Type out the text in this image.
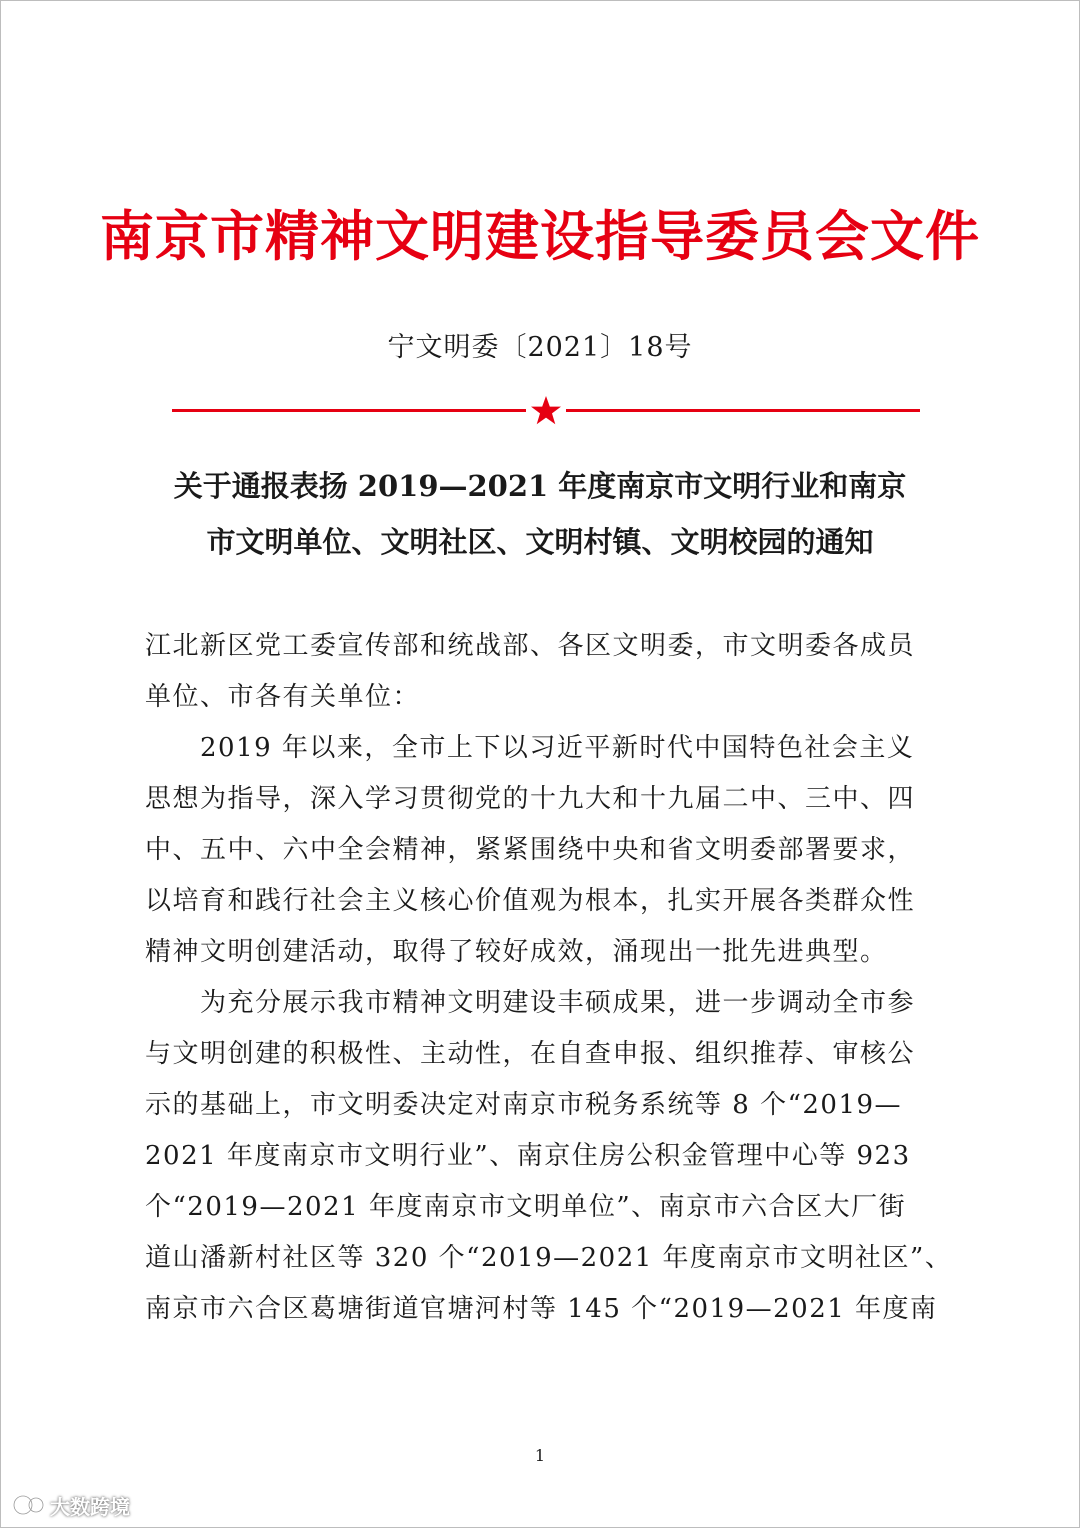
南京市精神文明建设指导委员会文件
宁文明委〔2021〕18号
关于通报表扬 2019—2021 年度南京市文明行业和南京
市文明单位、文明社区、文明村镇、文明校园的通知

江北新区党工委宣传部和统战部、各区文明委，市文明委各成员

单位、市各有关单位：

　　2019 年以来，全市上下以习近平新时代中国特色社会主义

思想为指导，深入学习贯彻党的十九大和十九届二中、三中、四

中、五中、六中全会精神，紧紧围绕中央和省文明委部署要求，

以培育和践行社会主义核心价值观为根本，扎实开展各类群众性

精神文明创建活动，取得了较好成效，涌现出一批先进典型。

　　为充分展示我市精神文明建设丰硕成果，进一步调动全市参

与文明创建的积极性、主动性，在自查申报、组织推荐、审核公

示的基础上，市文明委决定对南京市税务系统等 8 个“2019—

2021 年度南京市文明行业”、南京住房公积金管理中心等 923

个“2019—2021 年度南京市文明单位”、南京市六合区大厂街

道山潘新村社区等 320 个“2019—2021 年度南京市文明社区”、

南京市六合区葛塘街道官塘河村等 145 个“2019—2021 年度南

1
大数跨境
